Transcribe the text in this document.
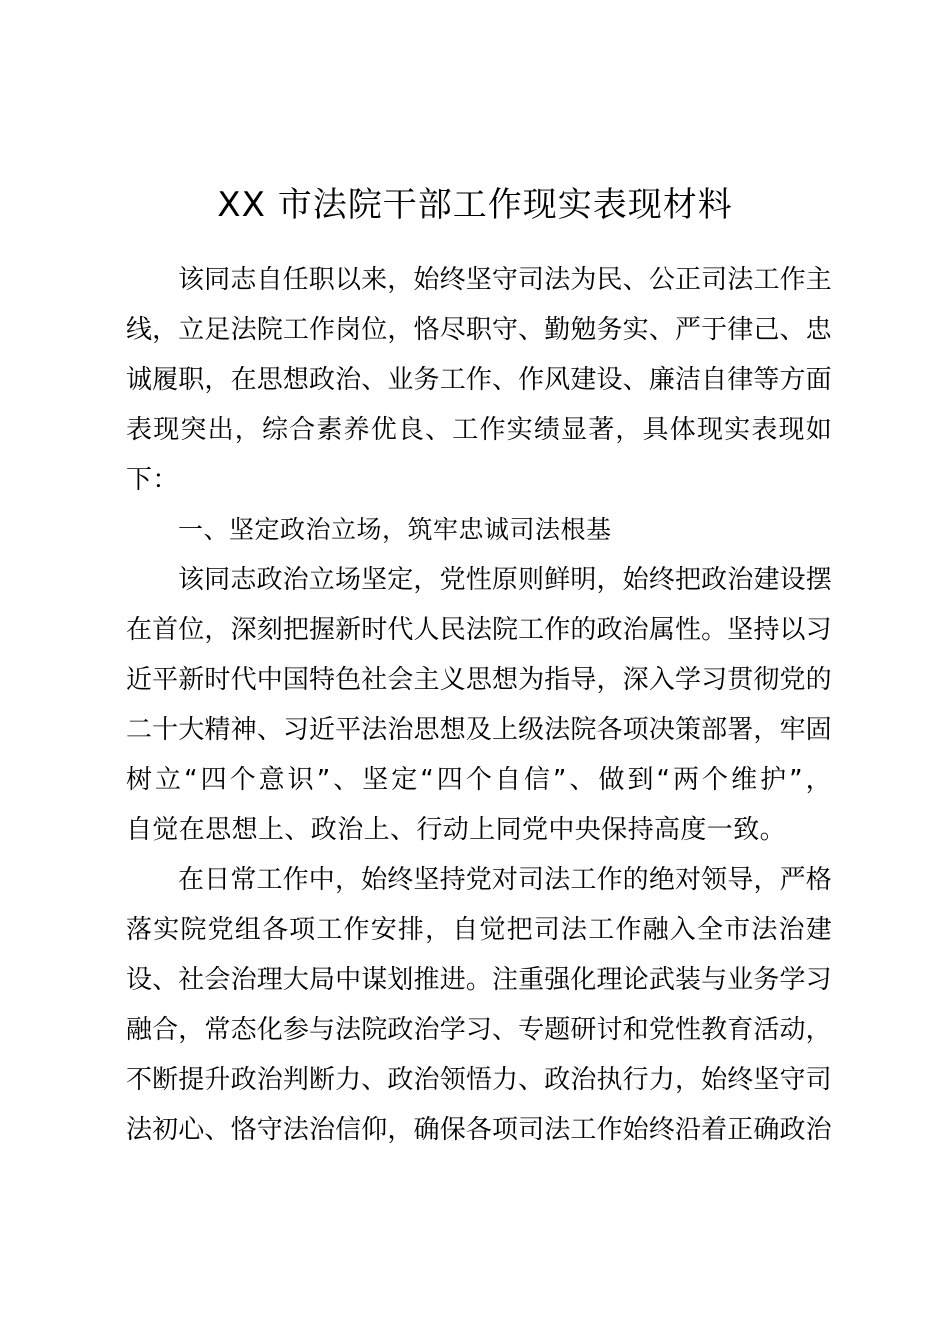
XX 市法院干部工作现实表现材料
该 同 志 自 任 职 以 来 ， 始 终 坚 守 司 法 为 民 、 公 正 司 法 工 作 主
线 ， 立 足 法 院 工 作 岗 位 ， 恪 尽 职 守 、 勤 勉 务 实 、 严 于 律 己 、 忠
诚 履 职 ， 在 思 想 政 治 、 业 务 工 作 、 作 风 建 设 、 廉 洁 自 律 等 方 面
表 现 突 出 ， 综 合 素 养 优 良 、 工 作 实 绩 显 著 ， 具 体 现 实 表 现 如
下：
一、坚定政治立场，筑牢忠诚司法根基
该 同 志 政 治 立 场 坚 定 ， 党 性 原 则 鲜 明 ， 始 终 把 政 治 建 设 摆
在 首 位 ， 深 刻 把 握 新 时 代 人 民 法 院 工 作 的 政 治 属 性 。 坚 持 以 习
近 平 新 时 代 中 国 特 色 社 会 主 义 思 想 为 指 导 ， 深 入 学 习 贯 彻 党 的
二 十 大 精 神 、 习 近 平 法 治 思 想 及 上 级 法 院 各 项 决 策 部 署 ， 牢 固
树 立 “ 四 个 意 识 ” 、 坚 定 “ 四 个 自 信 ” 、 做 到 “ 两 个 维 护 ” ，
自觉在思想上、政治上、行动上同党中央保持高度一致。
在 日 常 工 作 中 ， 始 终 坚 持 党 对 司 法 工 作 的 绝 对 领 导 ， 严 格
落 实 院 党 组 各 项 工 作 安 排 ， 自 觉 把 司 法 工 作 融 入 全 市 法 治 建
设 、 社 会 治 理 大 局 中 谋 划 推 进 。 注 重 强 化 理 论 武 装 与 业 务 学 习
融 合 ， 常 态 化 参 与 法 院 政 治 学 习 、 专 题 研 讨 和 党 性 教 育 活 动 ，
不 断 提 升 政 治 判 断 力 、 政 治 领 悟 力 、 政 治 执 行 力 ， 始 终 坚 守 司
法 初 心 、 恪 守 法 治 信 仰 ， 确 保 各 项 司 法 工 作 始 终 沿 着 正 确 政 治
